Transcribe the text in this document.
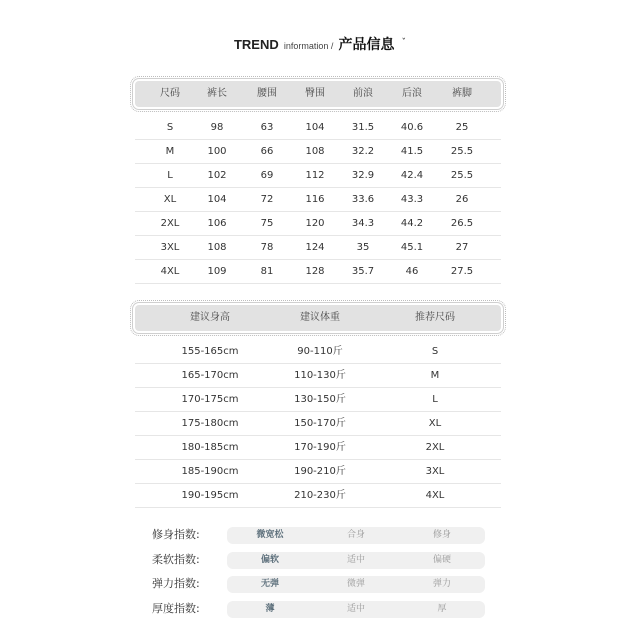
TREND information / 产品信息 $^ˇ$
尺码	裤长	腰围	臀围	前浪	后浪	裤脚
S	98	63	104	31.5	40.6	25
M	100	66	108	32.2	41.5	25.5
L	102	69	112	32.9	42.4	25.5
XL	104	72	116	33.6	43.3	26
2XL	106	75	120	34.3	44.2	26.5
3XL	108	78	124	35	45.1	27
4XL	109	81	128	35.7	46	27.5
建议身高	建议体重	推荐尺码
155-165cm	90-110斤	S
165-170cm	110-130斤	M
170-175cm	130-150斤	L
175-180cm	150-170斤	XL
180-185cm	170-190斤	2XL
185-190cm	190-210斤	3XL
190-195cm	210-230斤	4XL
修身指数:	微宽松	合身	修身
柔软指数:	偏软	适中	偏硬
弹力指数:	无弹	微弹	弹力
厚度指数:	薄	适中	厚
